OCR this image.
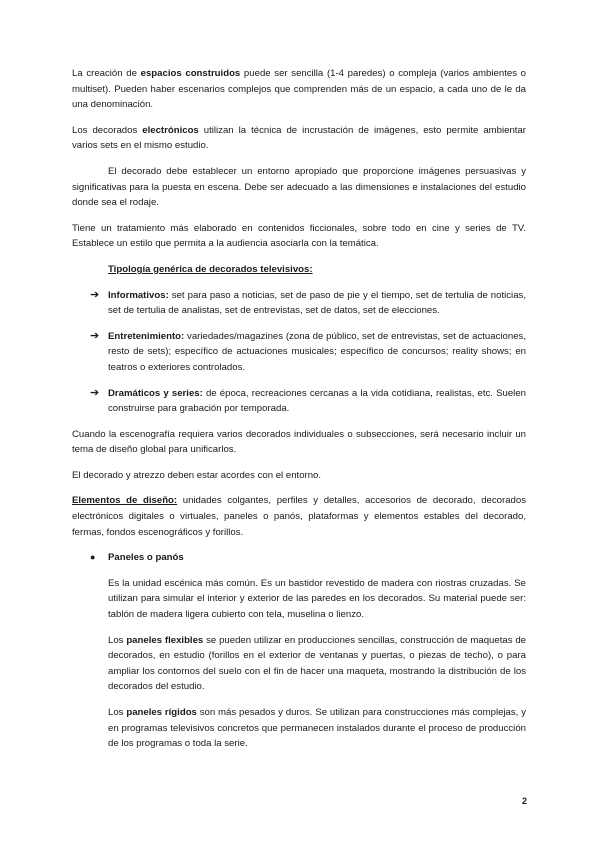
La creación de espacios construidos puede ser sencilla (1-4 paredes) o compleja (varios ambientes o multiset). Pueden haber escenarios complejos que comprenden más de un espacio, a cada uno de le da una denominación.

Los decorados electrónicos utilizan la técnica de incrustación de imágenes, esto permite ambientar varios sets en el mismo estudio.

El decorado debe establecer un entorno apropiado que proporcione imágenes persuasivas y significativas para la puesta en escena. Debe ser adecuado a las dimensiones e instalaciones del estudio donde sea el rodaje.

Tiene un tratamiento más elaborado en contenidos ficcionales, sobre todo en cine y series de TV. Establece un estilo que permita a la audiencia asociarla con la temática.

Tipología genérica de decorados televisivos:

➔ Informativos: set para paso a noticias, set de paso de pie y el tiempo, set de tertulia de noticias, set de tertulia de analistas, set de entrevistas, set de datos, set de elecciones.
➔ Entretenimiento: variedades/magazines (zona de público, set de entrevistas, set de actuaciones, resto de sets); específico de actuaciones musicales; específico de concursos; reality shows; en teatros o exteriores controlados.
➔ Dramáticos y series: de época, recreaciones cercanas a la vida cotidiana, realistas, etc. Suelen construirse para grabación por temporada.

Cuando la escenografía requiera varios decorados individuales o subsecciones, será necesario incluir un tema de diseño global para unificarlos.

El decorado y atrezzo deben estar acordes con el entorno.

Elementos de diseño: unidades colgantes, perfiles y detalles, accesorios de decorado, decorados electrónicos digitales o virtuales, paneles o panós, plataformas y elementos estables del decorado, fermas, fondos escenográficos y forillos.

● Paneles o panós

Es la unidad escénica más común. Es un bastidor revestido de madera con riostras cruzadas. Se utilizan para simular el interior y exterior de las paredes en los decorados. Su material puede ser: tablón de madera ligera cubierto con tela, muselina o lienzo.

Los paneles flexibles se pueden utilizar en producciones sencillas, construcción de maquetas de decorados, en estudio (forillos en el exterior de ventanas y puertas, o piezas de techo), o para ampliar los contornos del suelo con el fin de hacer una maqueta, mostrando la distribución de los decorados del estudio.

Los paneles rígidos son más pesados y duros. Se utilizan para construcciones más complejas, y en programas televisivos concretos que permanecen instalados durante el proceso de producción de los programas o toda la serie.

2
